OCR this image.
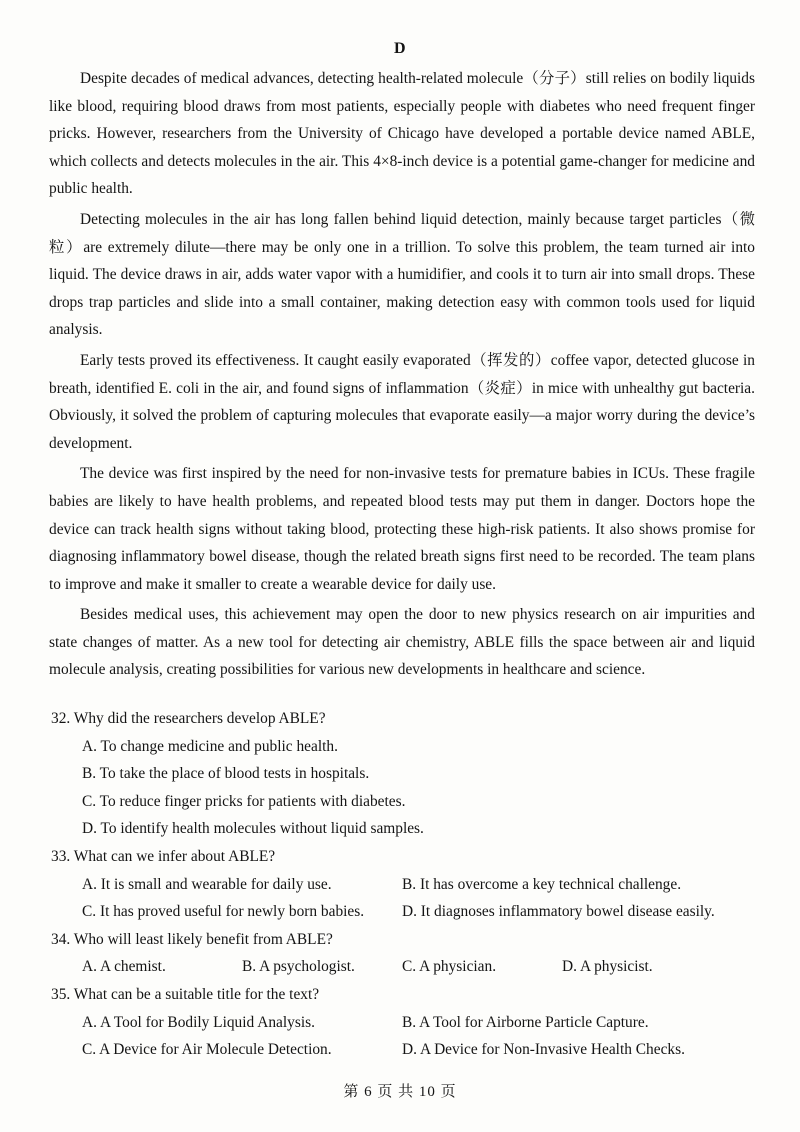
D

Despite decades of medical advances, detecting health-related molecule（分子）still relies on bodily liquids like blood, requiring blood draws from most patients, especially people with diabetes who need frequent finger pricks. However, researchers from the University of Chicago have developed a portable device named ABLE, which collects and detects molecules in the air. This 4×8-inch device is a potential game-changer for medicine and public health.

Detecting molecules in the air has long fallen behind liquid detection, mainly because target particles（微粒）are extremely dilute—there may be only one in a trillion. To solve this problem, the team turned air into liquid. The device draws in air, adds water vapor with a humidifier, and cools it to turn air into small drops. These drops trap particles and slide into a small container, making detection easy with common tools used for liquid analysis.

Early tests proved its effectiveness. It caught easily evaporated（挥发的）coffee vapor, detected glucose in breath, identified E. coli in the air, and found signs of inflammation（炎症）in mice with unhealthy gut bacteria. Obviously, it solved the problem of capturing molecules that evaporate easily—a major worry during the device’s development.

The device was first inspired by the need for non-invasive tests for premature babies in ICUs. These fragile babies are likely to have health problems, and repeated blood tests may put them in danger. Doctors hope the device can track health signs without taking blood, protecting these high-risk patients. It also shows promise for diagnosing inflammatory bowel disease, though the related breath signs first need to be recorded. The team plans to improve and make it smaller to create a wearable device for daily use.

Besides medical uses, this achievement may open the door to new physics research on air impurities and state changes of matter. As a new tool for detecting air chemistry, ABLE fills the space between air and liquid molecule analysis, creating possibilities for various new developments in healthcare and science.

32. Why did the researchers develop ABLE?

A. To change medicine and public health.

B. To take the place of blood tests in hospitals.

C. To reduce finger pricks for patients with diabetes.

D. To identify health molecules without liquid samples.

33. What can we infer about ABLE?

A. It is small and wearable for daily use.	B. It has overcome a key technical challenge.
C. It has proved useful for newly born babies.	D. It diagnoses inflammatory bowel disease easily.

34. Who will least likely benefit from ABLE?

A. A chemist.	B. A psychologist.	C. A physician.	D. A physicist.

35. What can be a suitable title for the text?

A. A Tool for Bodily Liquid Analysis.	B. A Tool for Airborne Particle Capture.
C. A Device for Air Molecule Detection.	D. A Device for Non-Invasive Health Checks.
第 6 页 共 10 页
